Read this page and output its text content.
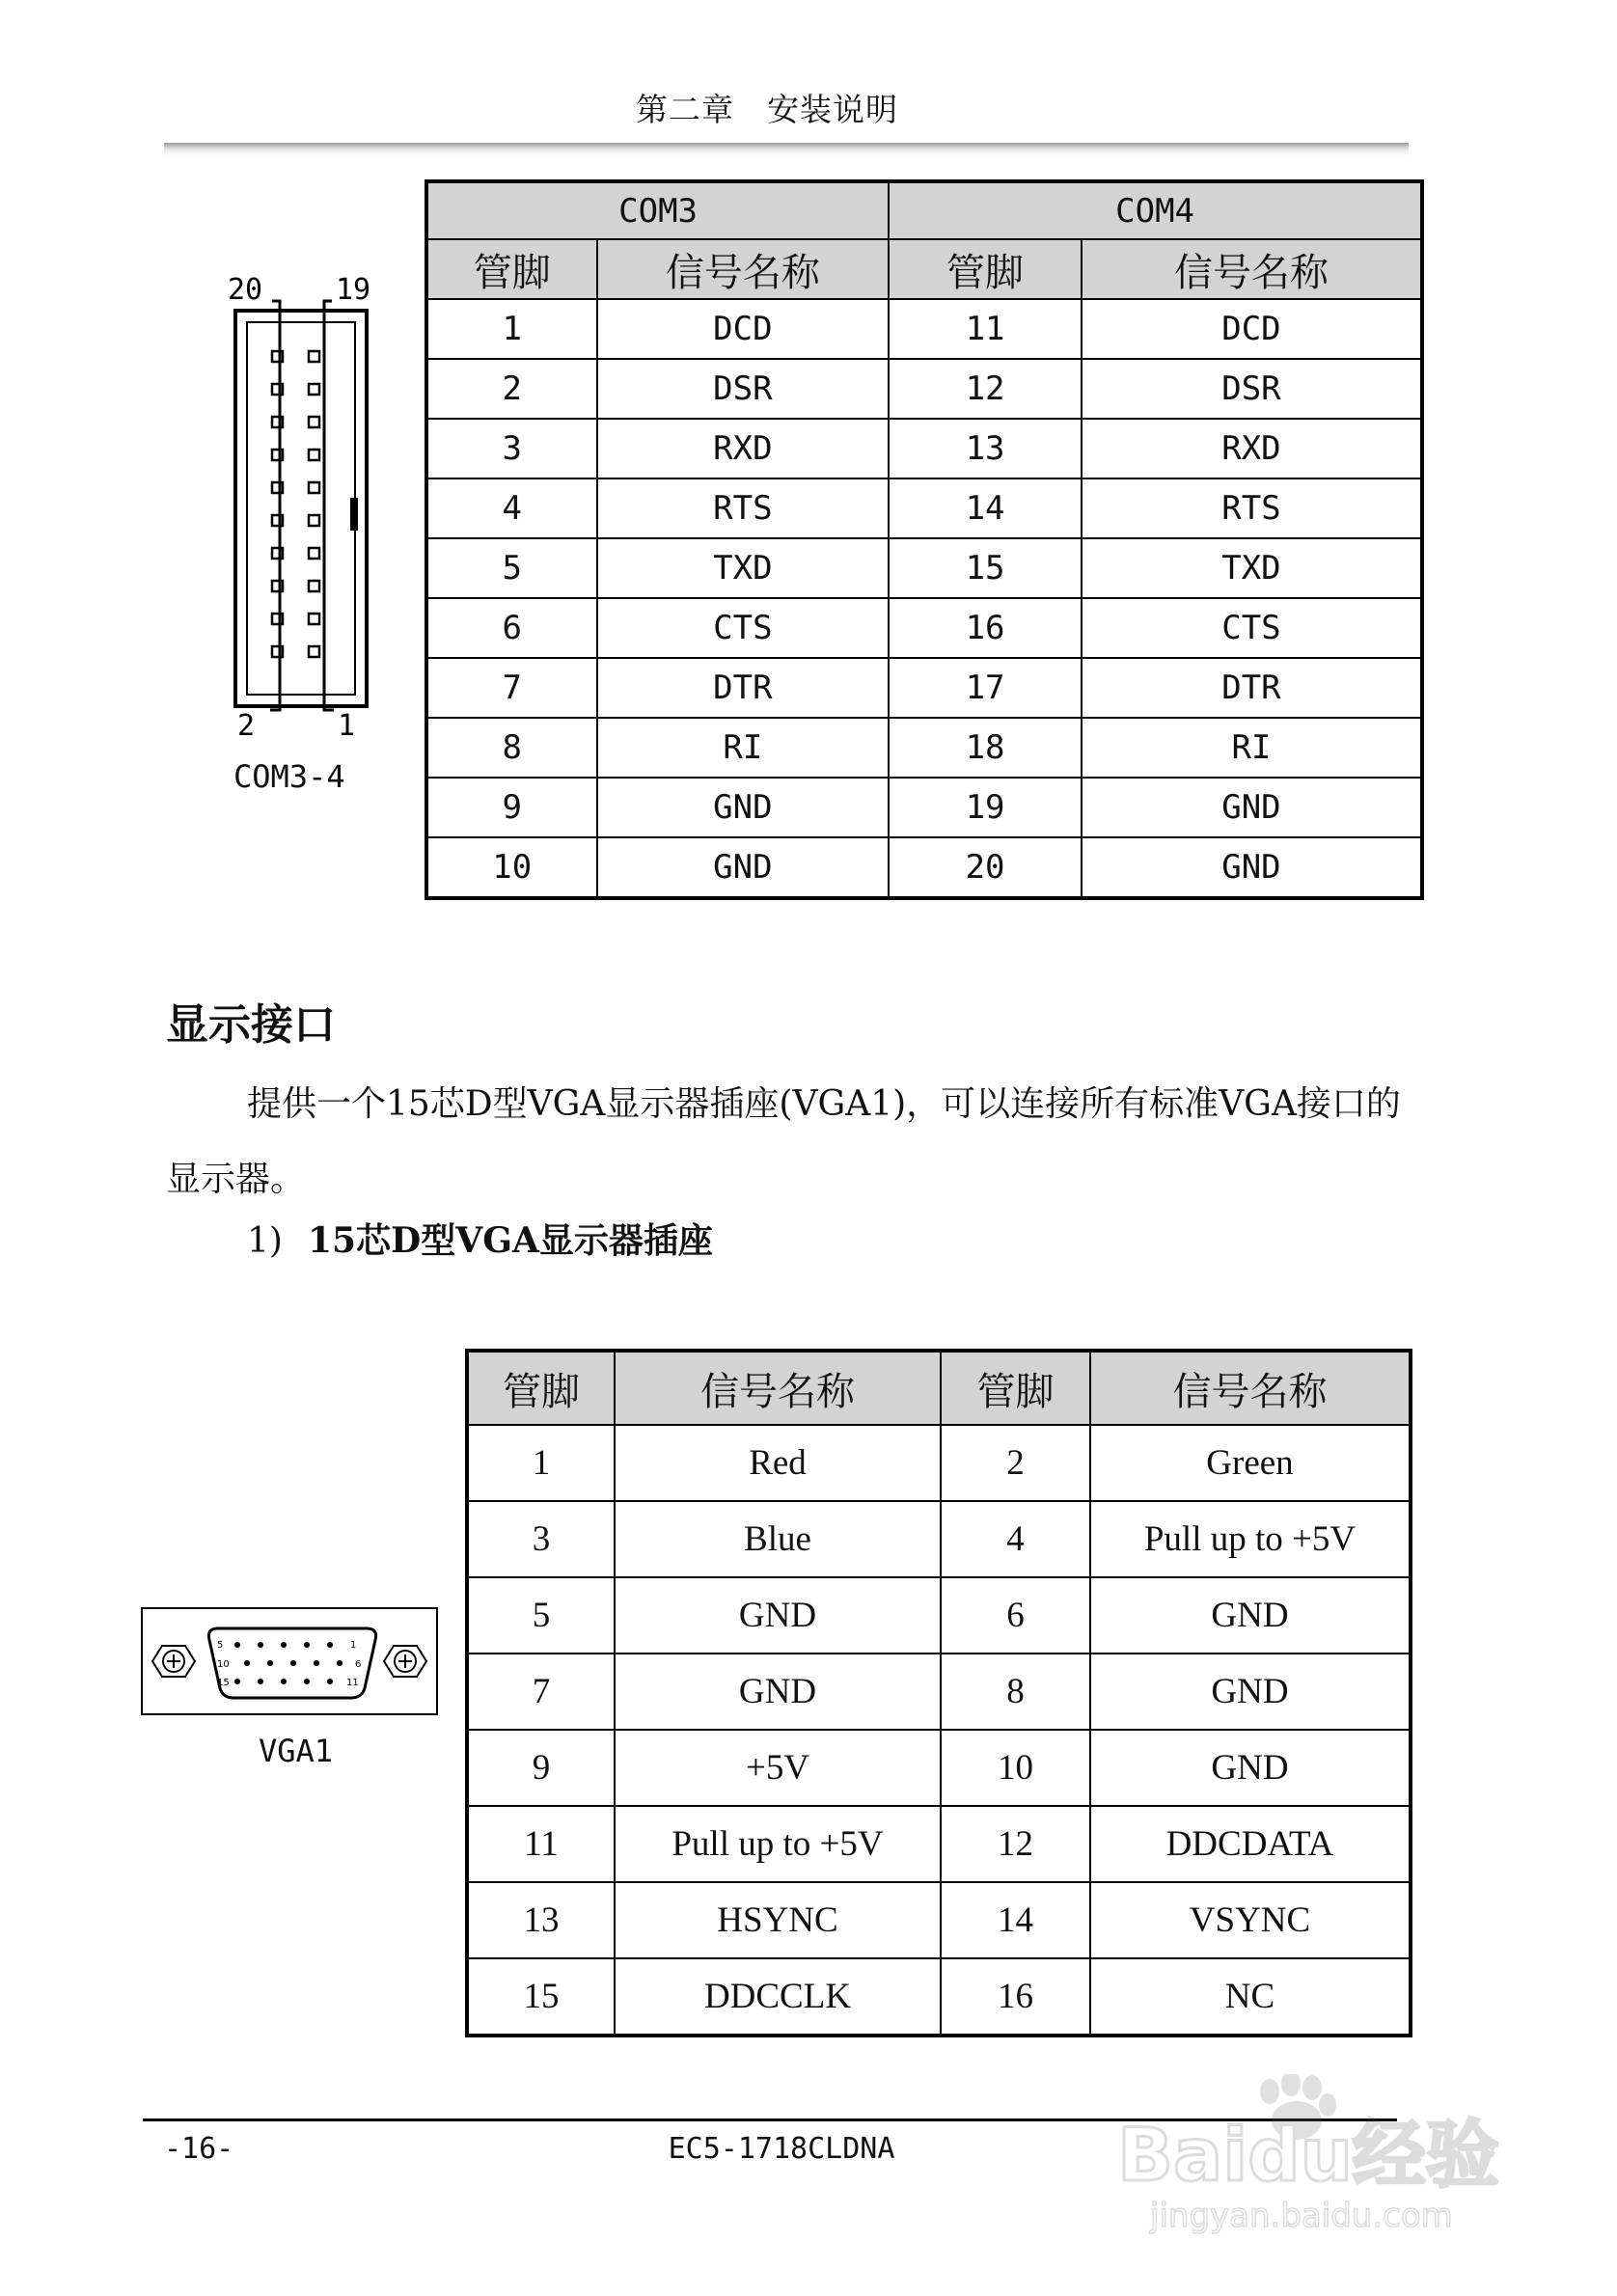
第二章　安装说明
20	19
2	1
COM3-4
COM3		COM4	
管脚	信号名称	管脚	信号名称
1	DCD	11	DCD
2	DSR	12	DSR
3	RXD	13	RXD
4	RTS	14	RTS
5	TXD	15	TXD
6	CTS	16	CTS
7	DTR	17	DTR
8	RI	18	RI
9	GND	19	GND
10	GND	20	GND
显示接口
提供一个15芯D型VGA显示器插座(VGA1)，可以连接所有标准VGA接口的显示器。
1) 15芯D型VGA显示器插座
5	1
10	6
15	11
VGA1
管脚	信号名称	管脚	信号名称
1	Red	2	Green
3	Blue	4	Pull up to +5V
5	GND	6	GND
7	GND	8	GND
9	+5V	10	GND
11	Pull up to +5V	12	DDCDATA
13	HSYNC	14	VSYNC
15	DDCCLK	16	NC
-16-	EC5-1718CLDNA	Baidu经验
jingyan.baidu.com
